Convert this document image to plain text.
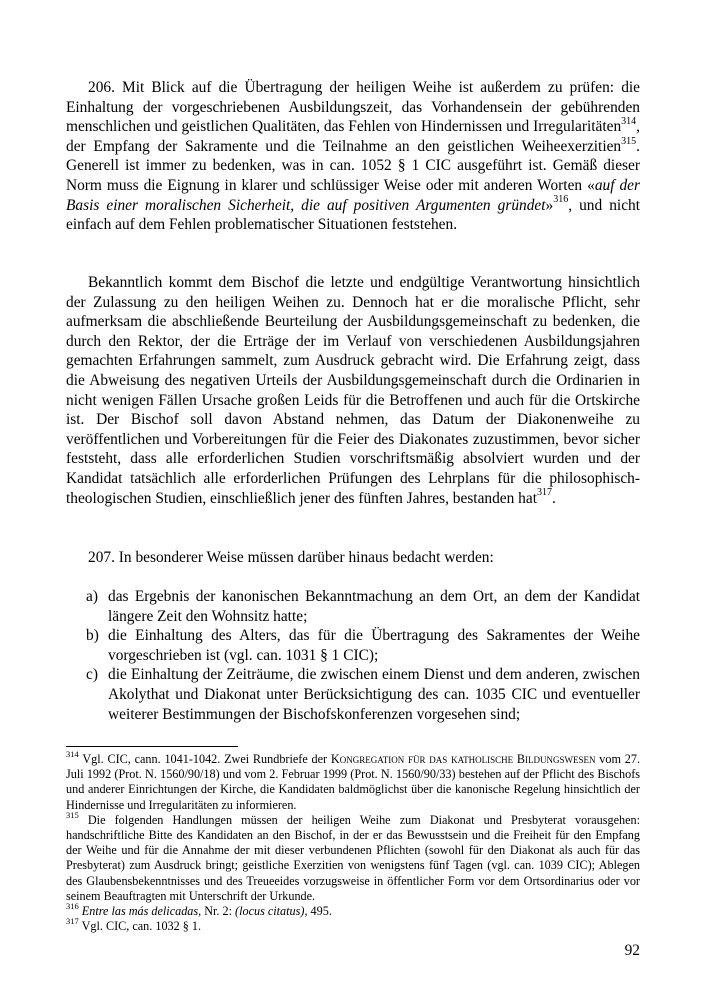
206. Mit Blick auf die Übertragung der heiligen Weihe ist außerdem zu prüfen: die Einhaltung der vorgeschriebenen Ausbildungszeit, das Vorhandensein der gebührenden menschlichen und geistlichen Qualitäten, das Fehlen von Hindernissen und Irregularitäten$^{314}$, der Empfang der Sakramente und die Teilnahme an den geistlichen Weiheexerzitien$^{315}$. Generell ist immer zu bedenken, was in can. 1052 § 1 CIC ausgeführt ist. Gemäß dieser Norm muss die Eignung in klarer und schlüssiger Weise oder mit anderen Worten «auf der Basis einer moralischen Sicherheit, die auf positiven Argumenten gründet»$^{316}$, und nicht einfach auf dem Fehlen problematischer Situationen feststehen.

Bekanntlich kommt dem Bischof die letzte und endgültige Verantwortung hinsichtlich der Zulassung zu den heiligen Weihen zu. Dennoch hat er die moralische Pflicht, sehr aufmerksam die abschließende Beurteilung der Ausbildungsgemeinschaft zu bedenken, die durch den Rektor, der die Erträge der im Verlauf von verschiedenen Ausbildungsjahren gemachten Erfahrungen sammelt, zum Ausdruck gebracht wird. Die Erfahrung zeigt, dass die Abweisung des negativen Urteils der Ausbildungsgemeinschaft durch die Ordinarien in nicht wenigen Fällen Ursache großen Leids für die Betroffenen und auch für die Ortskirche ist. Der Bischof soll davon Abstand nehmen, das Datum der Diakonenweihe zu veröffentlichen und Vorbereitungen für die Feier des Diakonates zuzustimmen, bevor sicher feststeht, dass alle erforderlichen Studien vorschriftsmäßig absolviert wurden und der Kandidat tatsächlich alle erforderlichen Prüfungen des Lehrplans für die philosophisch-theologischen Studien, einschließlich jener des fünften Jahres, bestanden hat$^{317}$.

207. In besonderer Weise müssen darüber hinaus bedacht werden:

a) das Ergebnis der kanonischen Bekanntmachung an dem Ort, an dem der Kandidat längere Zeit den Wohnsitz hatte;
b) die Einhaltung des Alters, das für die Übertragung des Sakramentes der Weihe vorgeschrieben ist (vgl. can. 1031 § 1 CIC);
c) die Einhaltung der Zeiträume, die zwischen einem Dienst und dem anderen, zwischen Akolythat und Diakonat unter Berücksichtigung des can. 1035 CIC und eventueller weiterer Bestimmungen der Bischofskonferenzen vorgesehen sind;
$^{314}$ Vgl. CIC, cann. 1041-1042. Zwei Rundbriefe der Kongregation für das katholische Bildungswesen vom 27. Juli 1992 (Prot. N. 1560/90/18) und vom 2. Februar 1999 (Prot. N. 1560/90/33) bestehen auf der Pflicht des Bischofs und anderer Einrichtungen der Kirche, die Kandidaten baldmöglichst über die kanonische Regelung hinsichtlich der Hindernisse und Irregularitäten zu informieren.
$^{315}$ Die folgenden Handlungen müssen der heiligen Weihe zum Diakonat und Presbyterat vorausgehen: handschriftliche Bitte des Kandidaten an den Bischof, in der er das Bewusstsein und die Freiheit für den Empfang der Weihe und für die Annahme der mit dieser verbundenen Pflichten (sowohl für den Diakonat als auch für das Presbyterat) zum Ausdruck bringt; geistliche Exerzitien von wenigstens fünf Tagen (vgl. can. 1039 CIC); Ablegen des Glaubensbekenntnisses und des Treueeides vorzugsweise in öffentlicher Form vor dem Ortsordinarius oder vor seinem Beauftragten mit Unterschrift der Urkunde.
$^{316}$ Entre las más delicadas, Nr. 2: (locus citatus), 495.
$^{317}$ Vgl. CIC, can. 1032 § 1.
92
